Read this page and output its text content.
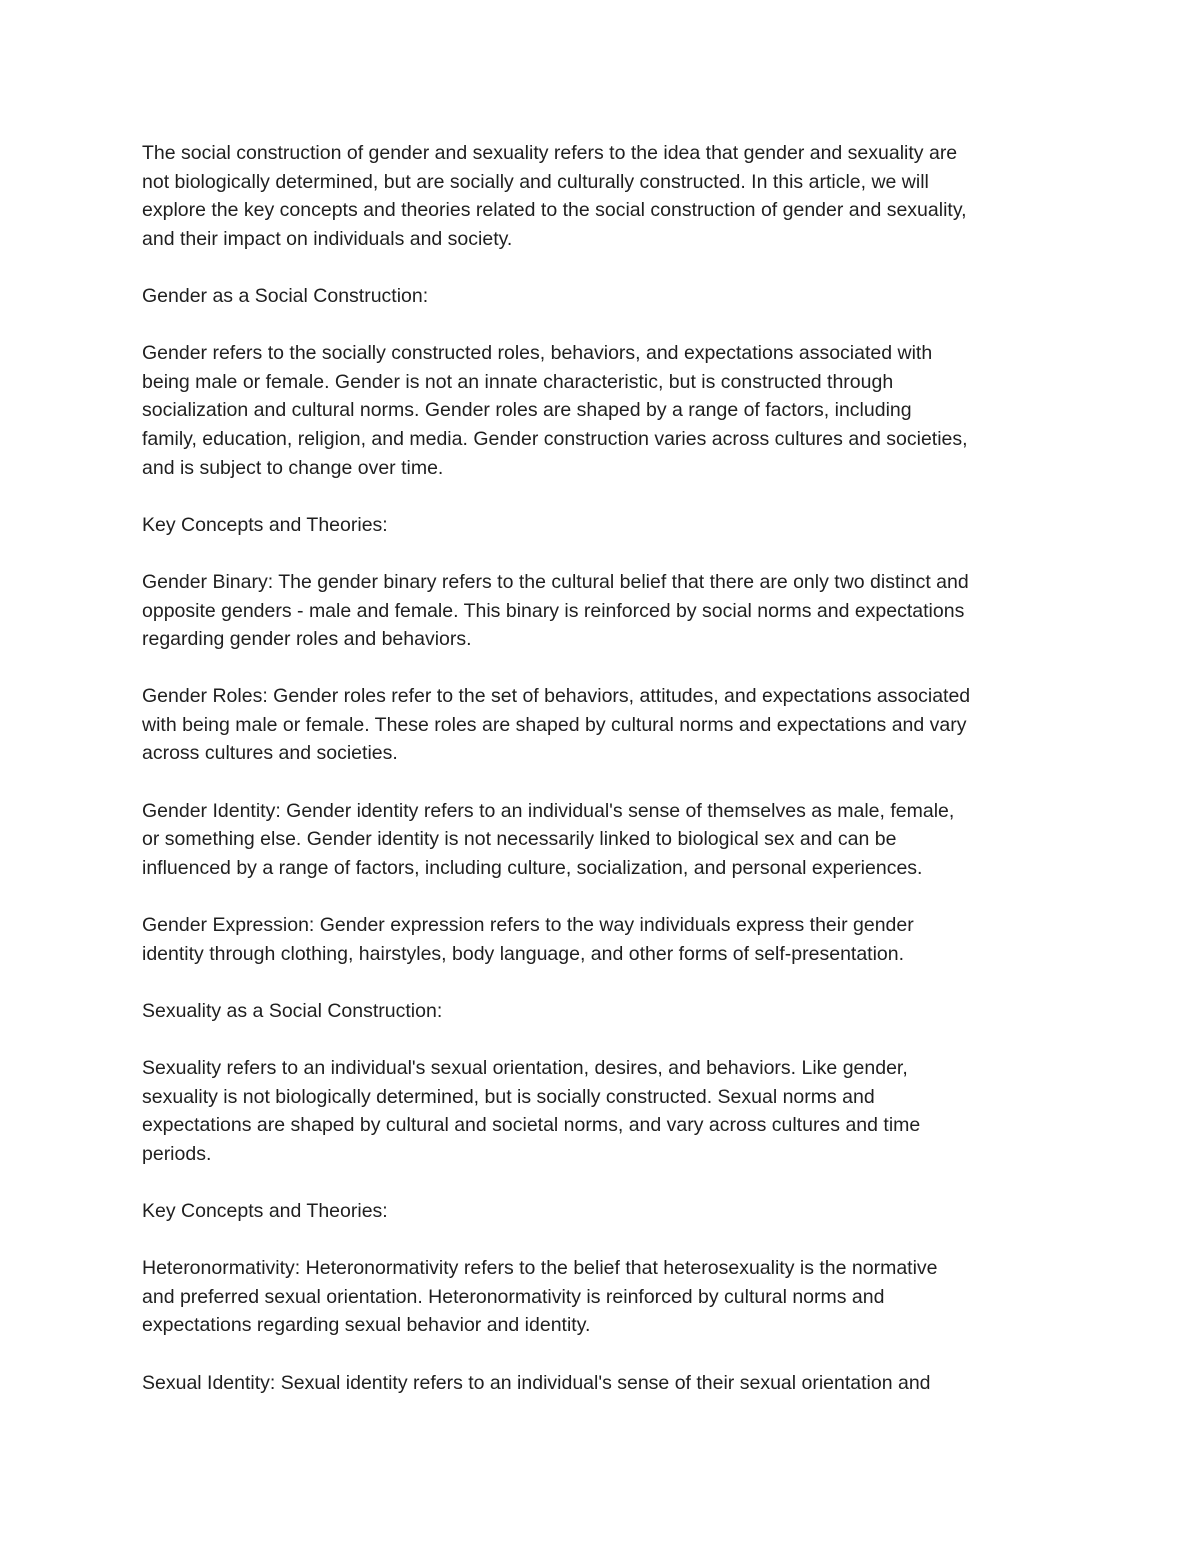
The social construction of gender and sexuality refers to the idea that gender and sexuality are
not biologically determined, but are socially and culturally constructed. In this article, we will
explore the key concepts and theories related to the social construction of gender and sexuality,
and their impact on individuals and society.

Gender as a Social Construction:

Gender refers to the socially constructed roles, behaviors, and expectations associated with
being male or female. Gender is not an innate characteristic, but is constructed through
socialization and cultural norms. Gender roles are shaped by a range of factors, including
family, education, religion, and media. Gender construction varies across cultures and societies,
and is subject to change over time.

Key Concepts and Theories:

Gender Binary: The gender binary refers to the cultural belief that there are only two distinct and
opposite genders - male and female. This binary is reinforced by social norms and expectations
regarding gender roles and behaviors.

Gender Roles: Gender roles refer to the set of behaviors, attitudes, and expectations associated
with being male or female. These roles are shaped by cultural norms and expectations and vary
across cultures and societies.

Gender Identity: Gender identity refers to an individual's sense of themselves as male, female,
or something else. Gender identity is not necessarily linked to biological sex and can be
influenced by a range of factors, including culture, socialization, and personal experiences.

Gender Expression: Gender expression refers to the way individuals express their gender
identity through clothing, hairstyles, body language, and other forms of self-presentation.

Sexuality as a Social Construction:

Sexuality refers to an individual's sexual orientation, desires, and behaviors. Like gender,
sexuality is not biologically determined, but is socially constructed. Sexual norms and
expectations are shaped by cultural and societal norms, and vary across cultures and time
periods.

Key Concepts and Theories:

Heteronormativity: Heteronormativity refers to the belief that heterosexuality is the normative
and preferred sexual orientation. Heteronormativity is reinforced by cultural norms and
expectations regarding sexual behavior and identity.

Sexual Identity: Sexual identity refers to an individual's sense of their sexual orientation and
